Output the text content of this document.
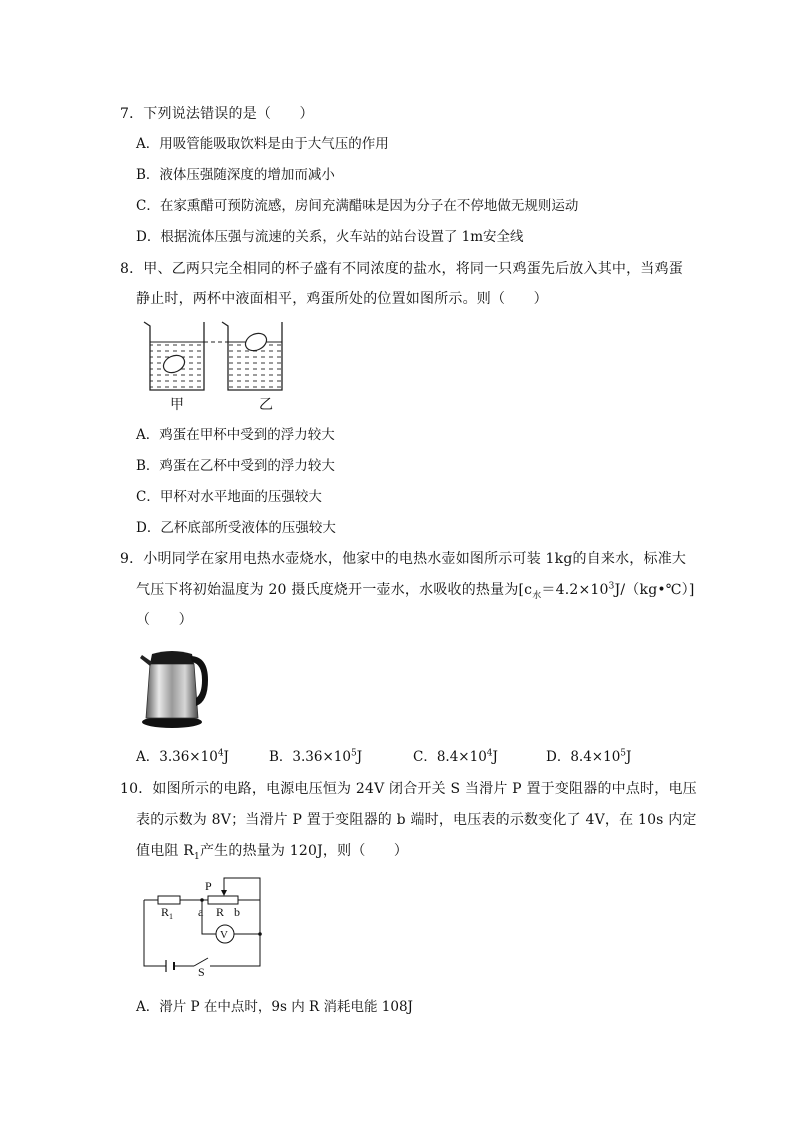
7．下列说法错误的是（　　）
A．用吸管能吸取饮料是由于大气压的作用
B．液体压强随深度的增加而减小
C．在家熏醋可预防流感，房间充满醋味是因为分子在不停地做无规则运动
D．根据流体压强与流速的关系，火车站的站台设置了 1m安全线
8．甲、乙两只完全相同的杯子盛有不同浓度的盐水，将同一只鸡蛋先后放入其中，当鸡蛋
静止时，两杯中液面相平，鸡蛋所处的位置如图所示。则（　　）
甲	乙
A．鸡蛋在甲杯中受到的浮力较大
B．鸡蛋在乙杯中受到的浮力较大
C．甲杯对水平地面的压强较大
D．乙杯底部所受液体的压强较大
9．小明同学在家用电热水壶烧水，他家中的电热水壶如图所示可装 1kg的自来水，标准大
气压下将初始温度为 20 摄氏度烧开一壶水，水吸收的热量为$[c_水=4.2\times 10^3J/(kg•℃)]$
（　　）
A．$3.36\times 10^4J$	B．$3.36\times 10^5J$	C．$8.4\times 10^4J$	D．$8.4\times 10^5J$
10．如图所示的电路，电源电压恒为 24V 闭合开关 S 当滑片 P 置于变阻器的中点时，电压
表的示数为 8V；当滑片 P 置于变阻器的 b 端时，电压表的示数变化了 4V，在 10s 内定
值电阻 $R_1$产生的热量为 120J，则（　　）
P
$R_1$ a R b
V
S
A．滑片 P 在中点时，9s 内 R 消耗电能 108J
